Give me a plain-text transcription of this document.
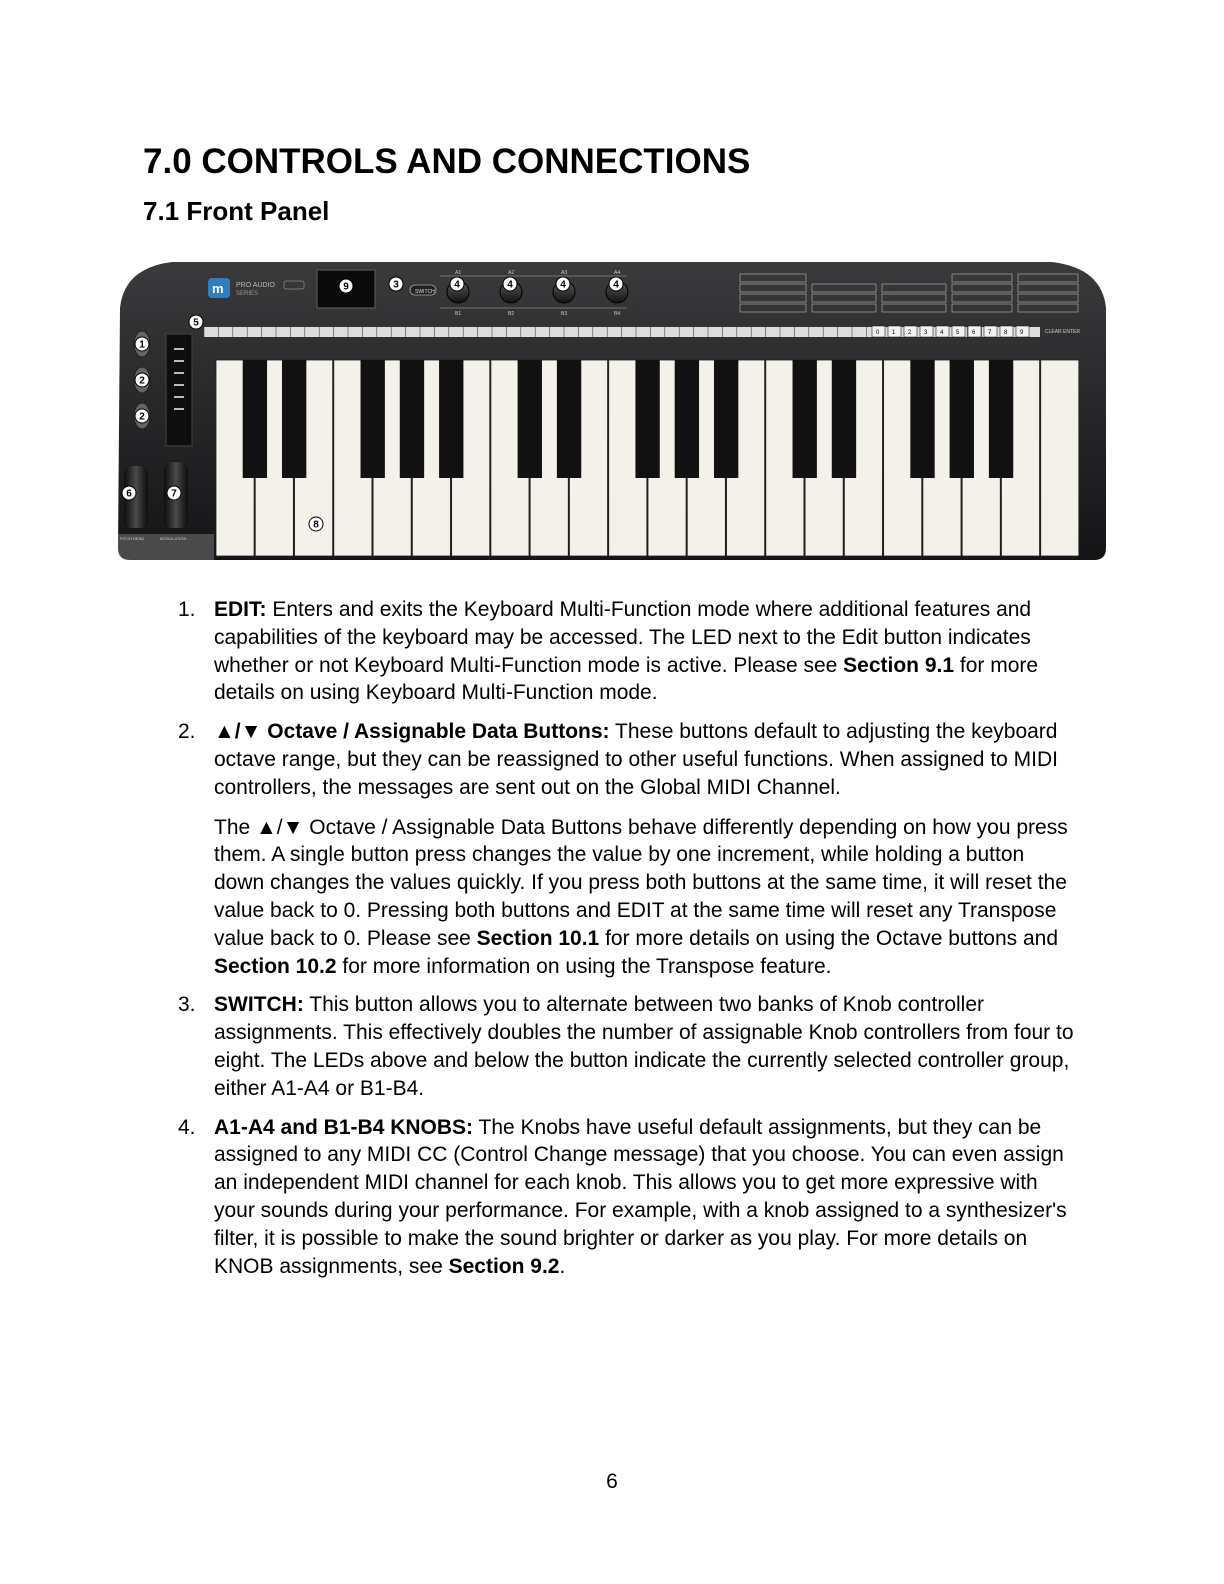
7.0 CONTROLS AND CONNECTIONS
7.1 Front Panel
m PRO AUDIO
SERIES	SWITCH
A1
B1
A2
B2
A3
B3
A4
B4
0 1 2 3 4 5 6 7 8 9	CLEAR ENTER
PITCH BEND	MODULATION
9	3	4	4	4	4
5
1
2
2
6	7
8
1. EDIT: Enters and exits the Keyboard Multi-Function mode where additional features and capabilities of the keyboard may be accessed. The LED next to the Edit button indicates whether or not Keyboard Multi-Function mode is active. Please see Section 9.1 for more details on using Keyboard Multi-Function mode.

2. ▲/▼ Octave / Assignable Data Buttons: These buttons default to adjusting the keyboard octave range, but they can be reassigned to other useful functions. When assigned to MIDI controllers, the messages are sent out on the Global MIDI Channel.

The ▲/▼ Octave / Assignable Data Buttons behave differently depending on how you press them. A single button press changes the value by one increment, while holding a button down changes the values quickly. If you press both buttons at the same time, it will reset the value back to 0. Pressing both buttons and EDIT at the same time will reset any Transpose value back to 0. Please see Section 10.1 for more details on using the Octave buttons and Section 10.2 for more information on using the Transpose feature.

3. SWITCH: This button allows you to alternate between two banks of Knob controller assignments. This effectively doubles the number of assignable Knob controllers from four to eight. The LEDs above and below the button indicate the currently selected controller group, either A1-A4 or B1-B4.

4. A1-A4 and B1-B4 KNOBS: The Knobs have useful default assignments, but they can be assigned to any MIDI CC (Control Change message) that you choose. You can even assign an independent MIDI channel for each knob. This allows you to get more expressive with your sounds during your performance. For example, with a knob assigned to a synthesizer's filter, it is possible to make the sound brighter or darker as you play. For more details on KNOB assignments, see Section 9.2.

6
